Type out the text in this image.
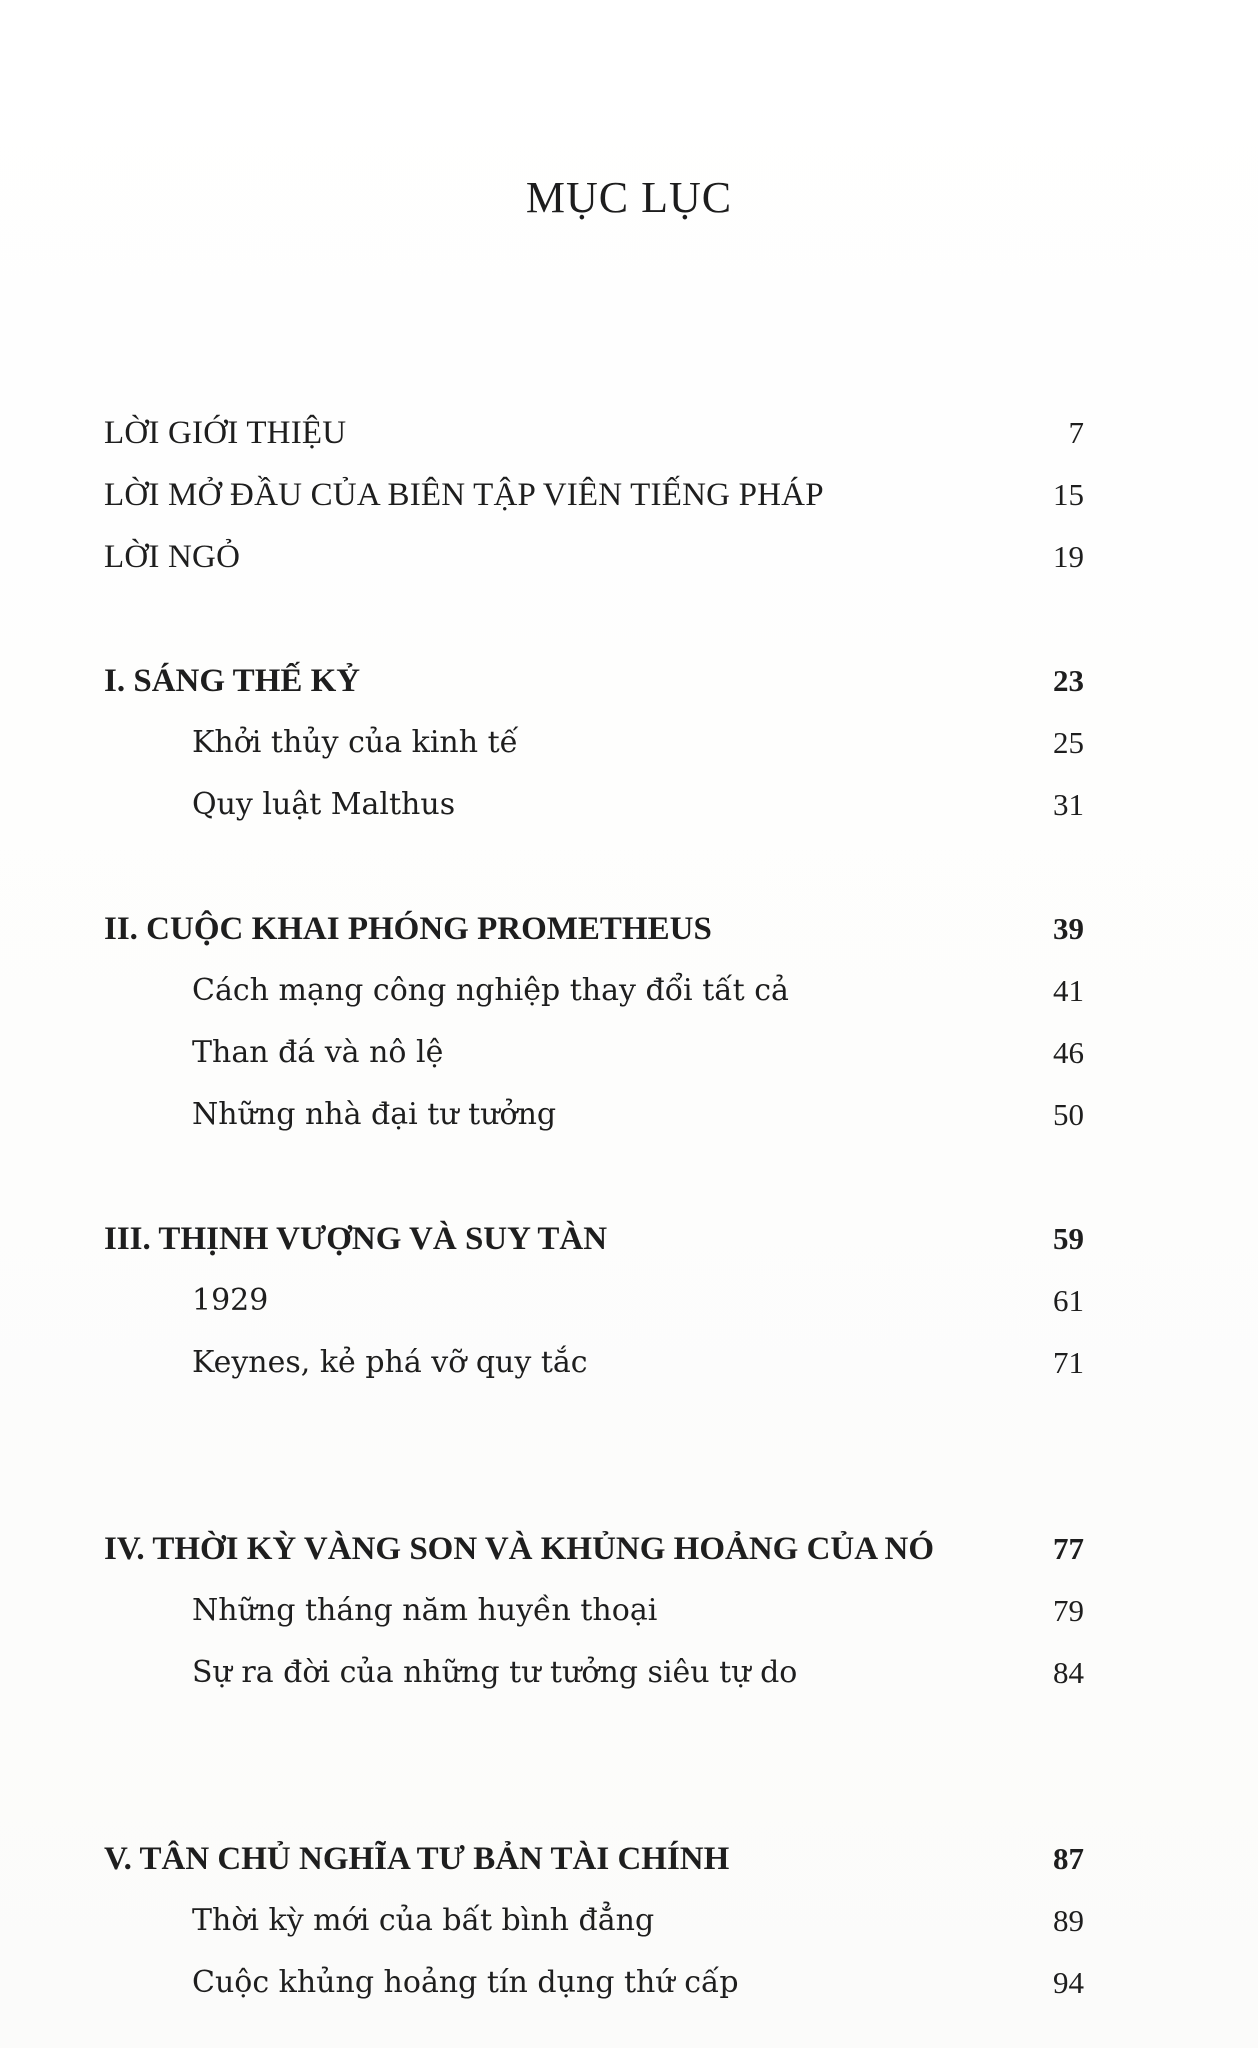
MỤC LỤC
LỜI GIỚI THIỆU	7
LỜI MỞ ĐẦU CỦA BIÊN TẬP VIÊN TIẾNG PHÁP	15
LỜI NGỎ	19
I. SÁNG THẾ KỶ	23
Khởi thủy của kinh tế	25
Quy luật Malthus	31
II. CUỘC KHAI PHÓNG PROMETHEUS	39
Cách mạng công nghiệp thay đổi tất cả	41
Than đá và nô lệ	46
Những nhà đại tư tưởng	50
III. THỊNH VƯỢNG VÀ SUY TÀN	59
1929	61
Keynes, kẻ phá vỡ quy tắc	71
IV. THỜI KỲ VÀNG SON VÀ KHỦNG HOẢNG CỦA NÓ	77
Những tháng năm huyền thoại	79
Sự ra đời của những tư tưởng siêu tự do	84
V. TÂN CHỦ NGHĨA TƯ BẢN TÀI CHÍNH	87
Thời kỳ mới của bất bình đẳng	89
Cuộc khủng hoảng tín dụng thứ cấp	94
